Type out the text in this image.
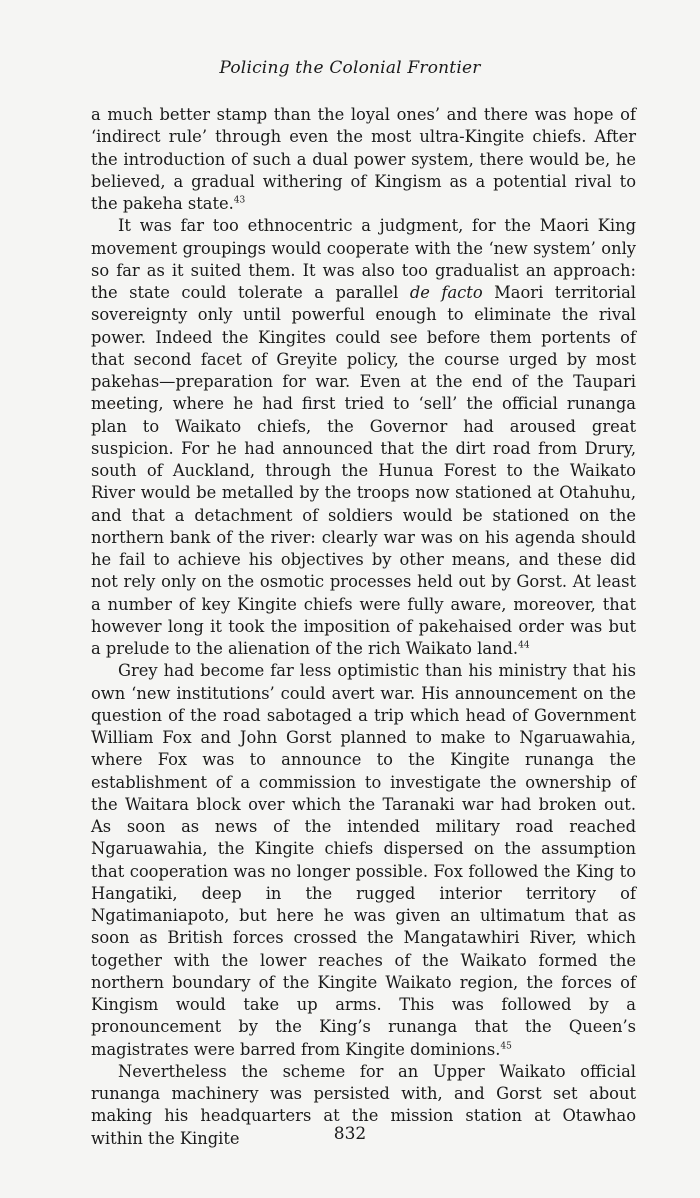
Policing the Colonial Frontier

a much better stamp than the loyal ones’ and there was hope of ‘indirect rule’ through even the most ultra-Kingite chiefs. After the introduction of such a dual power system, there would be, he believed, a gradual withering of Kingism as a potential rival to the pakeha state.$^{43}$

It was far too ethnocentric a judgment, for the Maori King movement groupings would cooperate with the ‘new system’ only so far as it suited them. It was also too gradualist an approach: the state could tolerate a parallel de facto Maori territorial sovereignty only until powerful enough to eliminate the rival power. Indeed the Kingites could see before them portents of that second facet of Greyite policy, the course urged by most pakehas—preparation for war. Even at the end of the Taupari meeting, where he had first tried to ‘sell’ the official runanga plan to Waikato chiefs, the Governor had aroused great suspicion. For he had announced that the dirt road from Drury, south of Auckland, through the Hunua Forest to the Waikato River would be metalled by the troops now stationed at Otahuhu, and that a detachment of soldiers would be stationed on the northern bank of the river: clearly war was on his agenda should he fail to achieve his objectives by other means, and these did not rely only on the osmotic processes held out by Gorst. At least a number of key Kingite chiefs were fully aware, moreover, that however long it took the imposition of pakehaised order was but a prelude to the alienation of the rich Waikato land.$^{44}$

Grey had become far less optimistic than his ministry that his own ‘new institutions’ could avert war. His announcement on the question of the road sabotaged a trip which head of Government William Fox and John Gorst planned to make to Ngaruawahia, where Fox was to announce to the Kingite runanga the establishment of a commission to investigate the ownership of the Waitara block over which the Taranaki war had broken out. As soon as news of the intended military road reached Ngaruawahia, the Kingite chiefs dispersed on the assumption that cooperation was no longer possible. Fox followed the King to Hangatiki, deep in the rugged interior territory of Ngatimaniapoto, but here he was given an ultimatum that as soon as British forces crossed the Mangatawhiri River, which together with the lower reaches of the Waikato formed the northern boundary of the Kingite Waikato region, the forces of Kingism would take up arms. This was followed by a pronouncement by the King’s runanga that the Queen’s magistrates were barred from Kingite dominions.$^{45}$

Nevertheless the scheme for an Upper Waikato official runanga machinery was persisted with, and Gorst set about making his headquarters at the mission station at Otawhao within the Kingite	832
